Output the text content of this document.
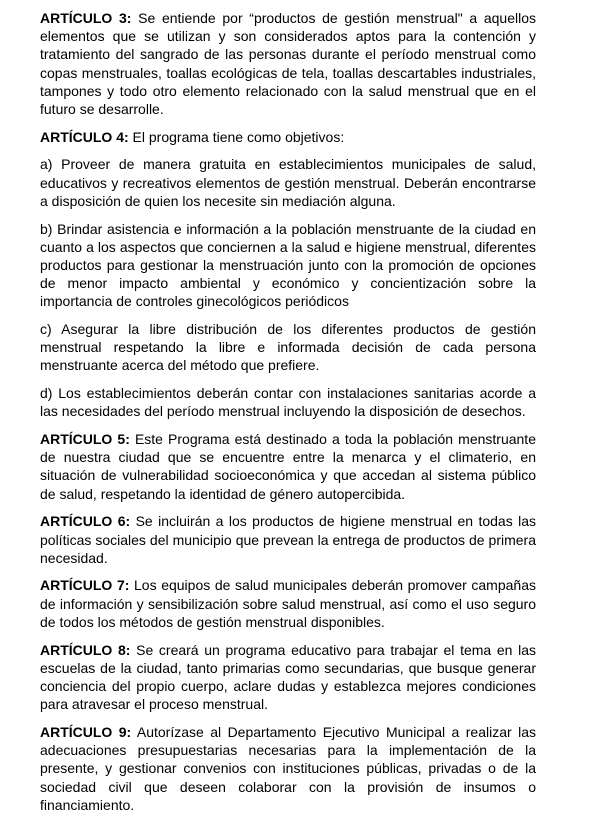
ARTÍCULO 3: Se entiende por “productos de gestión menstrual" a aquellos elementos que se utilizan y son considerados aptos para la contención y tratamiento del sangrado de las personas durante el período menstrual como copas menstruales, toallas ecológicas de tela, toallas descartables industriales, tampones y todo otro elemento relacionado con la salud menstrual que en el futuro se desarrolle.

ARTÍCULO 4: El programa tiene como objetivos:

a) Proveer de manera gratuita en establecimientos municipales de salud, educativos y recreativos elementos de gestión menstrual. Deberán encontrarse a disposición de quien los necesite sin mediación alguna.

b) Brindar asistencia e información a la población menstruante de la ciudad en cuanto a los aspectos que conciernen a la salud e higiene menstrual, diferentes productos para gestionar la menstruación junto con la promoción de opciones de menor impacto ambiental y económico y concientización sobre la importancia de controles ginecológicos periódicos

c) Asegurar la libre distribución de los diferentes productos de gestión menstrual respetando la libre e informada decisión de cada persona menstruante acerca del método que prefiere.

d) Los establecimientos deberán contar con instalaciones sanitarias acorde a las necesidades del período menstrual incluyendo la disposición de desechos.

ARTÍCULO 5: Este Programa está destinado a toda la población menstruante de nuestra ciudad que se encuentre entre la menarca y el climaterio, en situación de vulnerabilidad socioeconómica y que accedan al sistema público de salud, respetando la identidad de género autopercibida.

ARTÍCULO 6: Se incluirán a los productos de higiene menstrual en todas las políticas sociales del municipio que prevean la entrega de productos de primera necesidad.

ARTÍCULO 7: Los equipos de salud municipales deberán promover campañas de información y sensibilización sobre salud menstrual, así como el uso seguro de todos los métodos de gestión menstrual disponibles.

ARTÍCULO 8: Se creará un programa educativo para trabajar el tema en las escuelas de la ciudad, tanto primarias como secundarias, que busque generar conciencia del propio cuerpo, aclare dudas y establezca mejores condiciones para atravesar el proceso menstrual.

ARTÍCULO 9: Autorízase al Departamento Ejecutivo Municipal a realizar las adecuaciones presupuestarias necesarias para la implementación de la presente, y gestionar convenios con instituciones públicas, privadas o de la sociedad civil que deseen colaborar con la provisión de insumos o financiamiento.
